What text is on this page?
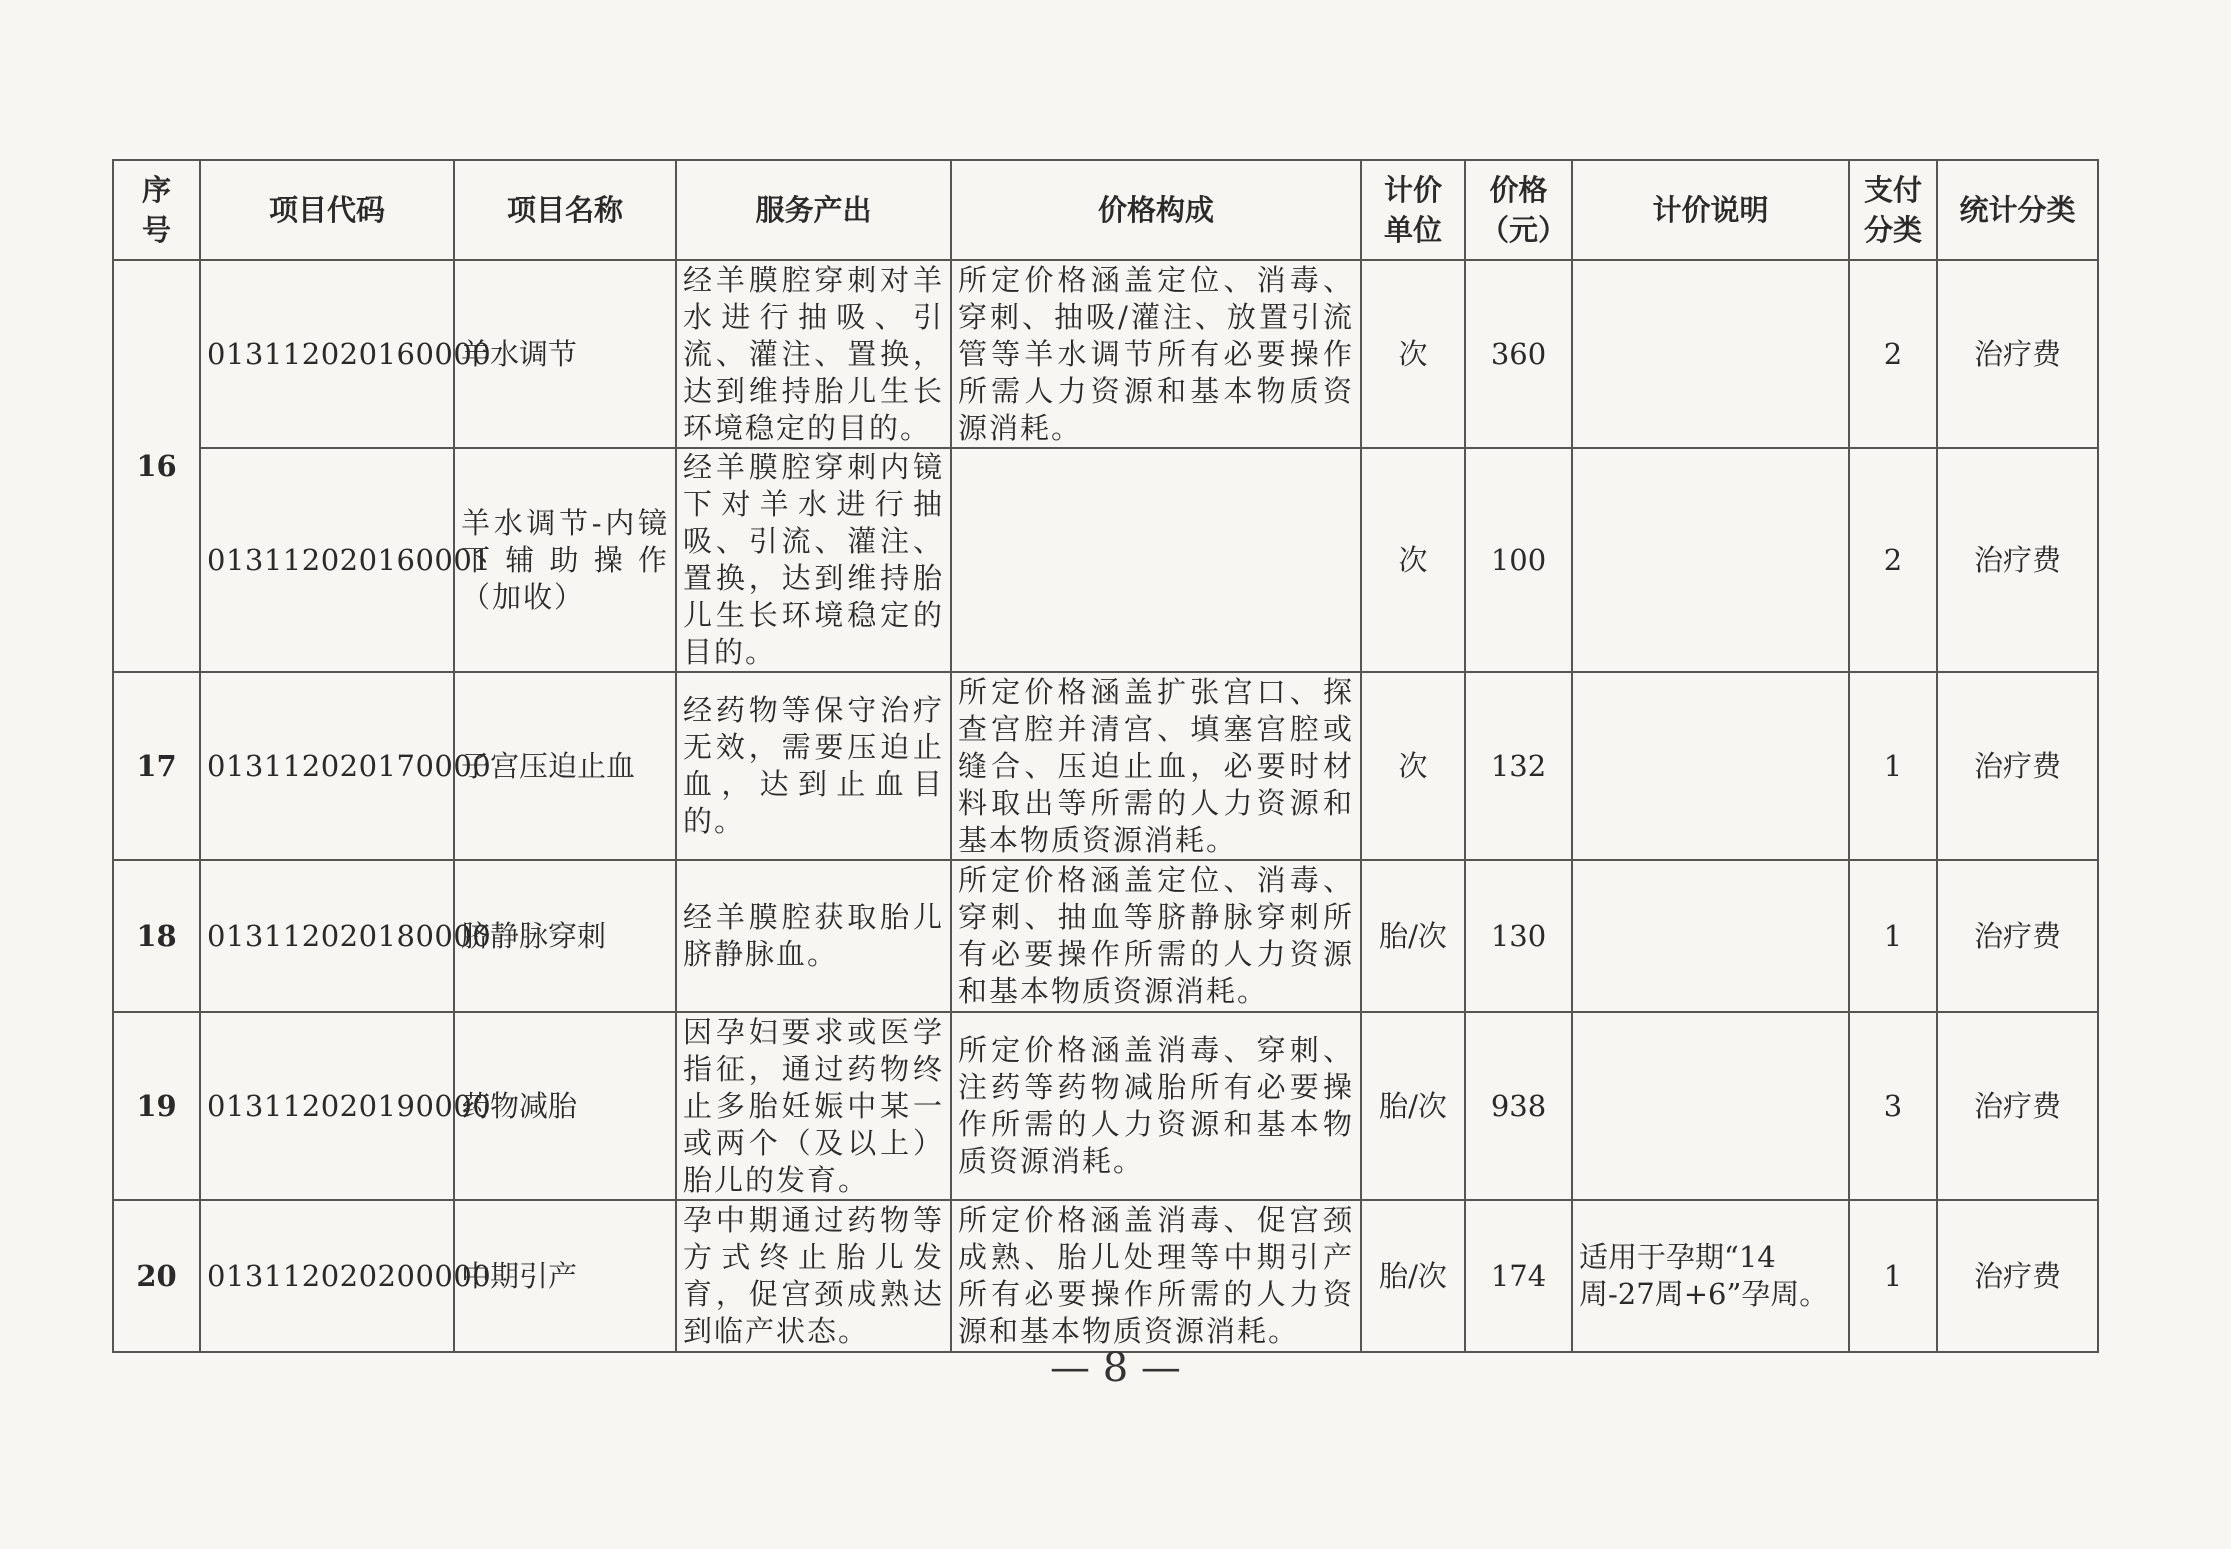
序号	项目代码	项目名称	服务产出	价格构成	计价单位	价格（元）	计价说明	支付分类	统计分类
16	013112020160000	羊水调节	经羊膜腔穿刺对羊水进行抽吸、引流、灌注、置换，达到维持胎儿生长环境稳定的目的。	所定价格涵盖定位、消毒、穿刺、抽吸/灌注、放置引流管等羊水调节所有必要操作所需人力资源和基本物质资源消耗。	次	360		2	治疗费
	013112020160001	羊水调节-内镜下辅助操作（加收）	经羊膜腔穿刺内镜下对羊水进行抽吸、引流、灌注、置换，达到维持胎儿生长环境稳定的目的。		次	100		2	治疗费
17	013112020170000	子宫压迫止血	经药物等保守治疗无效，需要压迫止血，达到止血目的。	所定价格涵盖扩张宫口、探查宫腔并清宫、填塞宫腔或缝合、压迫止血，必要时材料取出等所需的人力资源和基本物质资源消耗。	次	132		1	治疗费
18	013112020180000	脐静脉穿刺	经羊膜腔获取胎儿脐静脉血。	所定价格涵盖定位、消毒、穿刺、抽血等脐静脉穿刺所有必要操作所需的人力资源和基本物质资源消耗。	胎/次	130		1	治疗费
19	013112020190000	药物减胎	因孕妇要求或医学指征，通过药物终止多胎妊娠中某一或两个（及以上）胎儿的发育。	所定价格涵盖消毒、穿刺、注药等药物减胎所有必要操作所需的人力资源和基本物质资源消耗。	胎/次	938		3	治疗费
20	013112020200000	中期引产	孕中期通过药物等方式终止胎儿发育，促宫颈成熟达到临产状态。	所定价格涵盖消毒、促宫颈成熟、胎儿处理等中期引产所有必要操作所需的人力资源和基本物质资源消耗。	胎/次	174	适用于孕期“14周-27周+6”孕周。	1	治疗费
— 8 —
